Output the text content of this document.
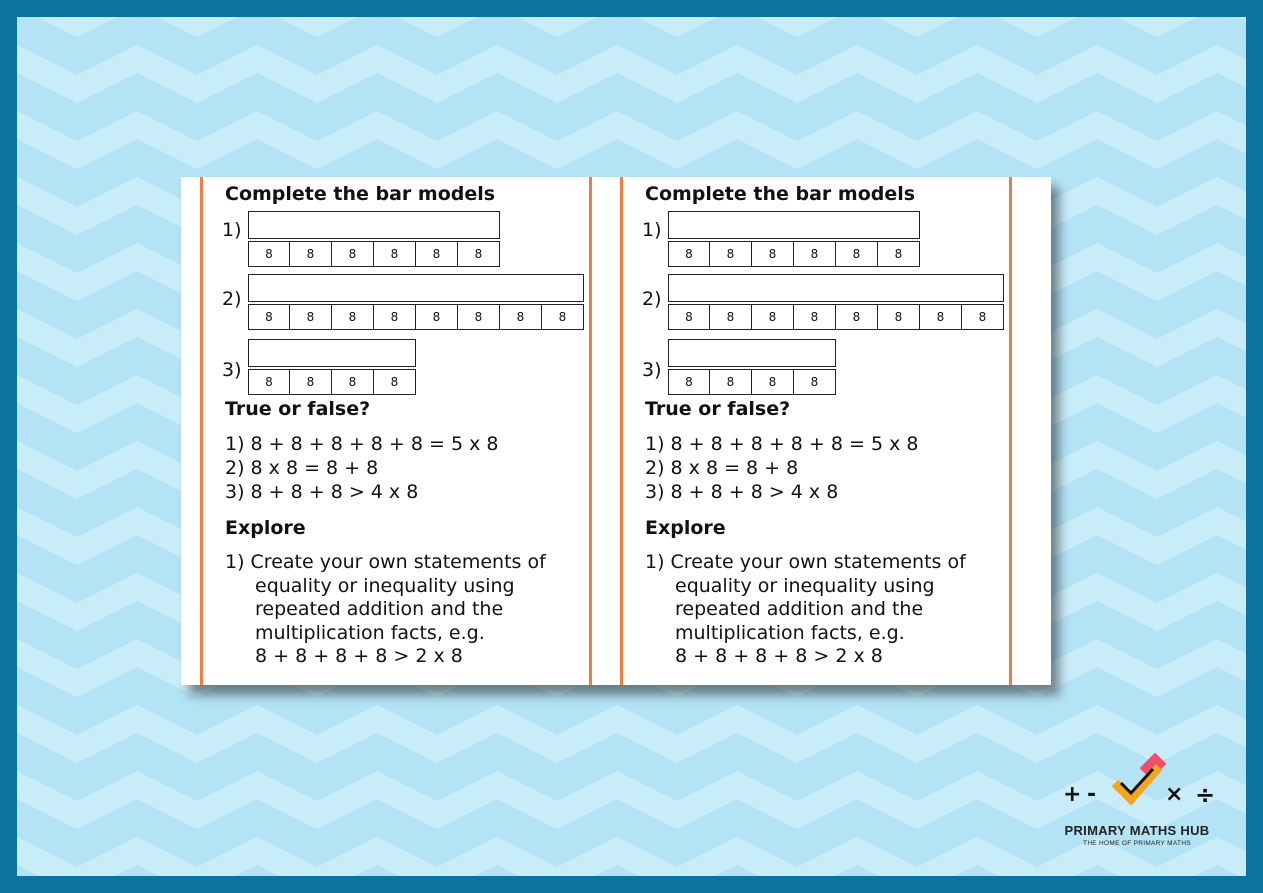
Complete the bar models
1)
8	8	8	8	8	8
2)
8	8	8	8	8	8	8	8
3)
8	8	8	8
True or false?
1) 8 + 8 + 8 + 8 + 8 = 5 x 8
2) 8 x 8 = 8 + 8
3) 8 + 8 + 8 > 4 x 8
Explore
1) Create your own statements of
equality or inequality using
repeated addition and the
multiplication facts, e.g.
8 + 8 + 8 + 8 > 2 x 8
Complete the bar models
1)
8	8	8	8	8	8
2)
8	8	8	8	8	8	8	8
3)
8	8	8	8
True or false?
1) 8 + 8 + 8 + 8 + 8 = 5 x 8
2) 8 x 8 = 8 + 8
3) 8 + 8 + 8 > 4 x 8
Explore
1) Create your own statements of
equality or inequality using
repeated addition and the
multiplication facts, e.g.
8 + 8 + 8 + 8 > 2 x 8
+ -	× ÷
PRIMARY MATHS HUB
THE HOME OF PRIMARY MATHS
